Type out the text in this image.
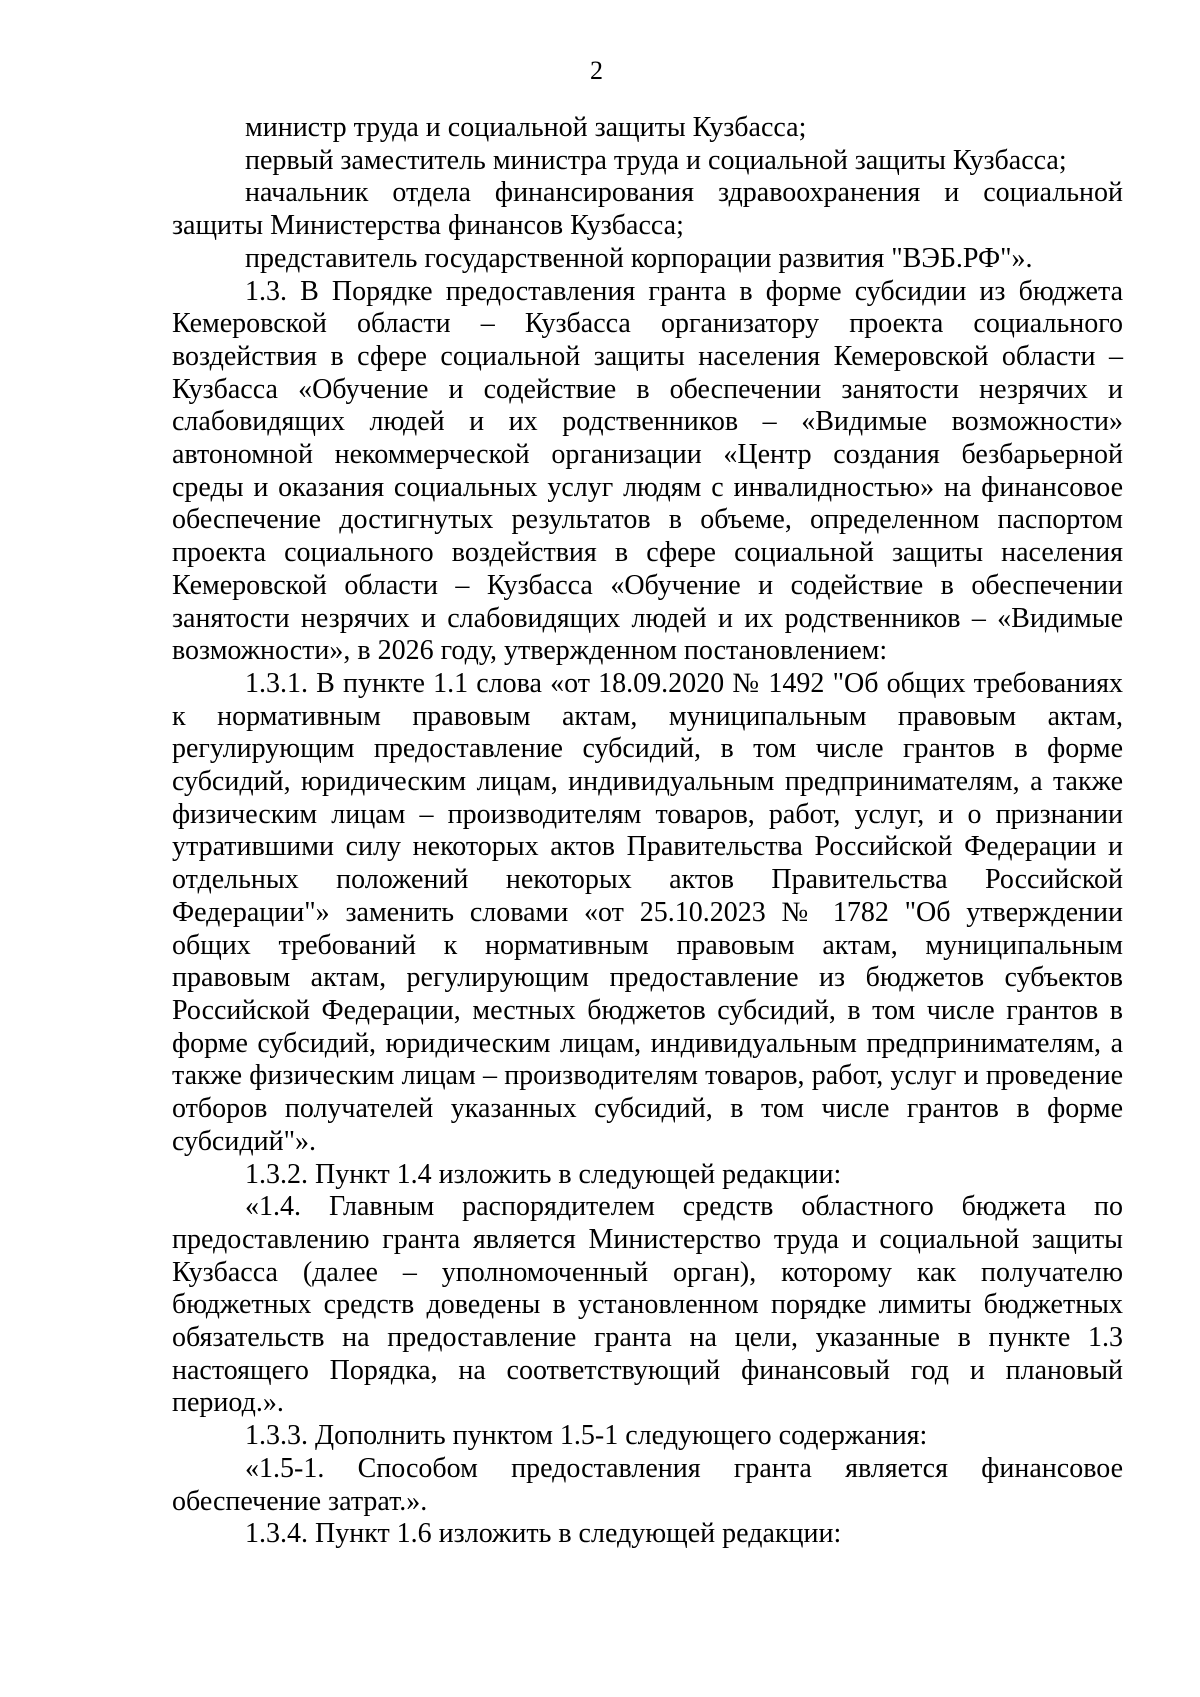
2

министр труда и социальной защиты Кузбасса;

первый заместитель министра труда и социальной защиты Кузбасса;

начальник отдела финансирования здравоохранения и социальной защиты Министерства финансов Кузбасса;

представитель государственной корпорации развития "ВЭБ.РФ"».

1.3. В Порядке предоставления гранта в форме субсидии из бюджета Кемеровской области – Кузбасса организатору проекта социального воздействия в сфере социальной защиты населения Кемеровской области – Кузбасса «Обучение и содействие в обеспечении занятости незрячих и слабовидящих людей и их родственников – «Видимые возможности» автономной некоммерческой организации «Центр создания безбарьерной среды и оказания социальных услуг людям с инвалидностью» на финансовое обеспечение достигнутых результатов в объеме, определенном паспортом проекта социального воздействия в сфере социальной защиты населения Кемеровской области – Кузбасса «Обучение и содействие в обеспечении занятости незрячих и слабовидящих людей и их родственников – «Видимые возможности», в 2026 году, утвержденном постановлением:

1.3.1. В пункте 1.1 слова «от 18.09.2020 № 1492 "Об общих требованиях к нормативным правовым актам, муниципальным правовым актам, регулирующим предоставление субсидий, в том числе грантов в форме субсидий, юридическим лицам, индивидуальным предпринимателям, а также физическим лицам – производителям товаров, работ, услуг, и о признании утратившими силу некоторых актов Правительства Российской Федерации и отдельных положений некоторых актов Правительства Российской Федерации"» заменить словами «от 25.10.2023 № 1782 "Об утверждении общих требований к нормативным правовым актам, муниципальным правовым актам, регулирующим предоставление из бюджетов субъектов Российской Федерации, местных бюджетов субсидий, в том числе грантов в форме субсидий, юридическим лицам, индивидуальным предпринимателям, а также физическим лицам – производителям товаров, работ, услуг и проведение отборов получателей указанных субсидий, в том числе грантов в форме субсидий"».

1.3.2. Пункт 1.4 изложить в следующей редакции:

«1.4. Главным распорядителем средств областного бюджета по предоставлению гранта является Министерство труда и социальной защиты Кузбасса (далее – уполномоченный орган), которому как получателю бюджетных средств доведены в установленном порядке лимиты бюджетных обязательств на предоставление гранта на цели, указанные в пункте 1.3 настоящего Порядка, на соответствующий финансовый год и плановый период.».

1.3.3. Дополнить пунктом 1.5-1 следующего содержания:

«1.5-1. Способом предоставления гранта является финансовое обеспечение затрат.».

1.3.4. Пункт 1.6 изложить в следующей редакции:
